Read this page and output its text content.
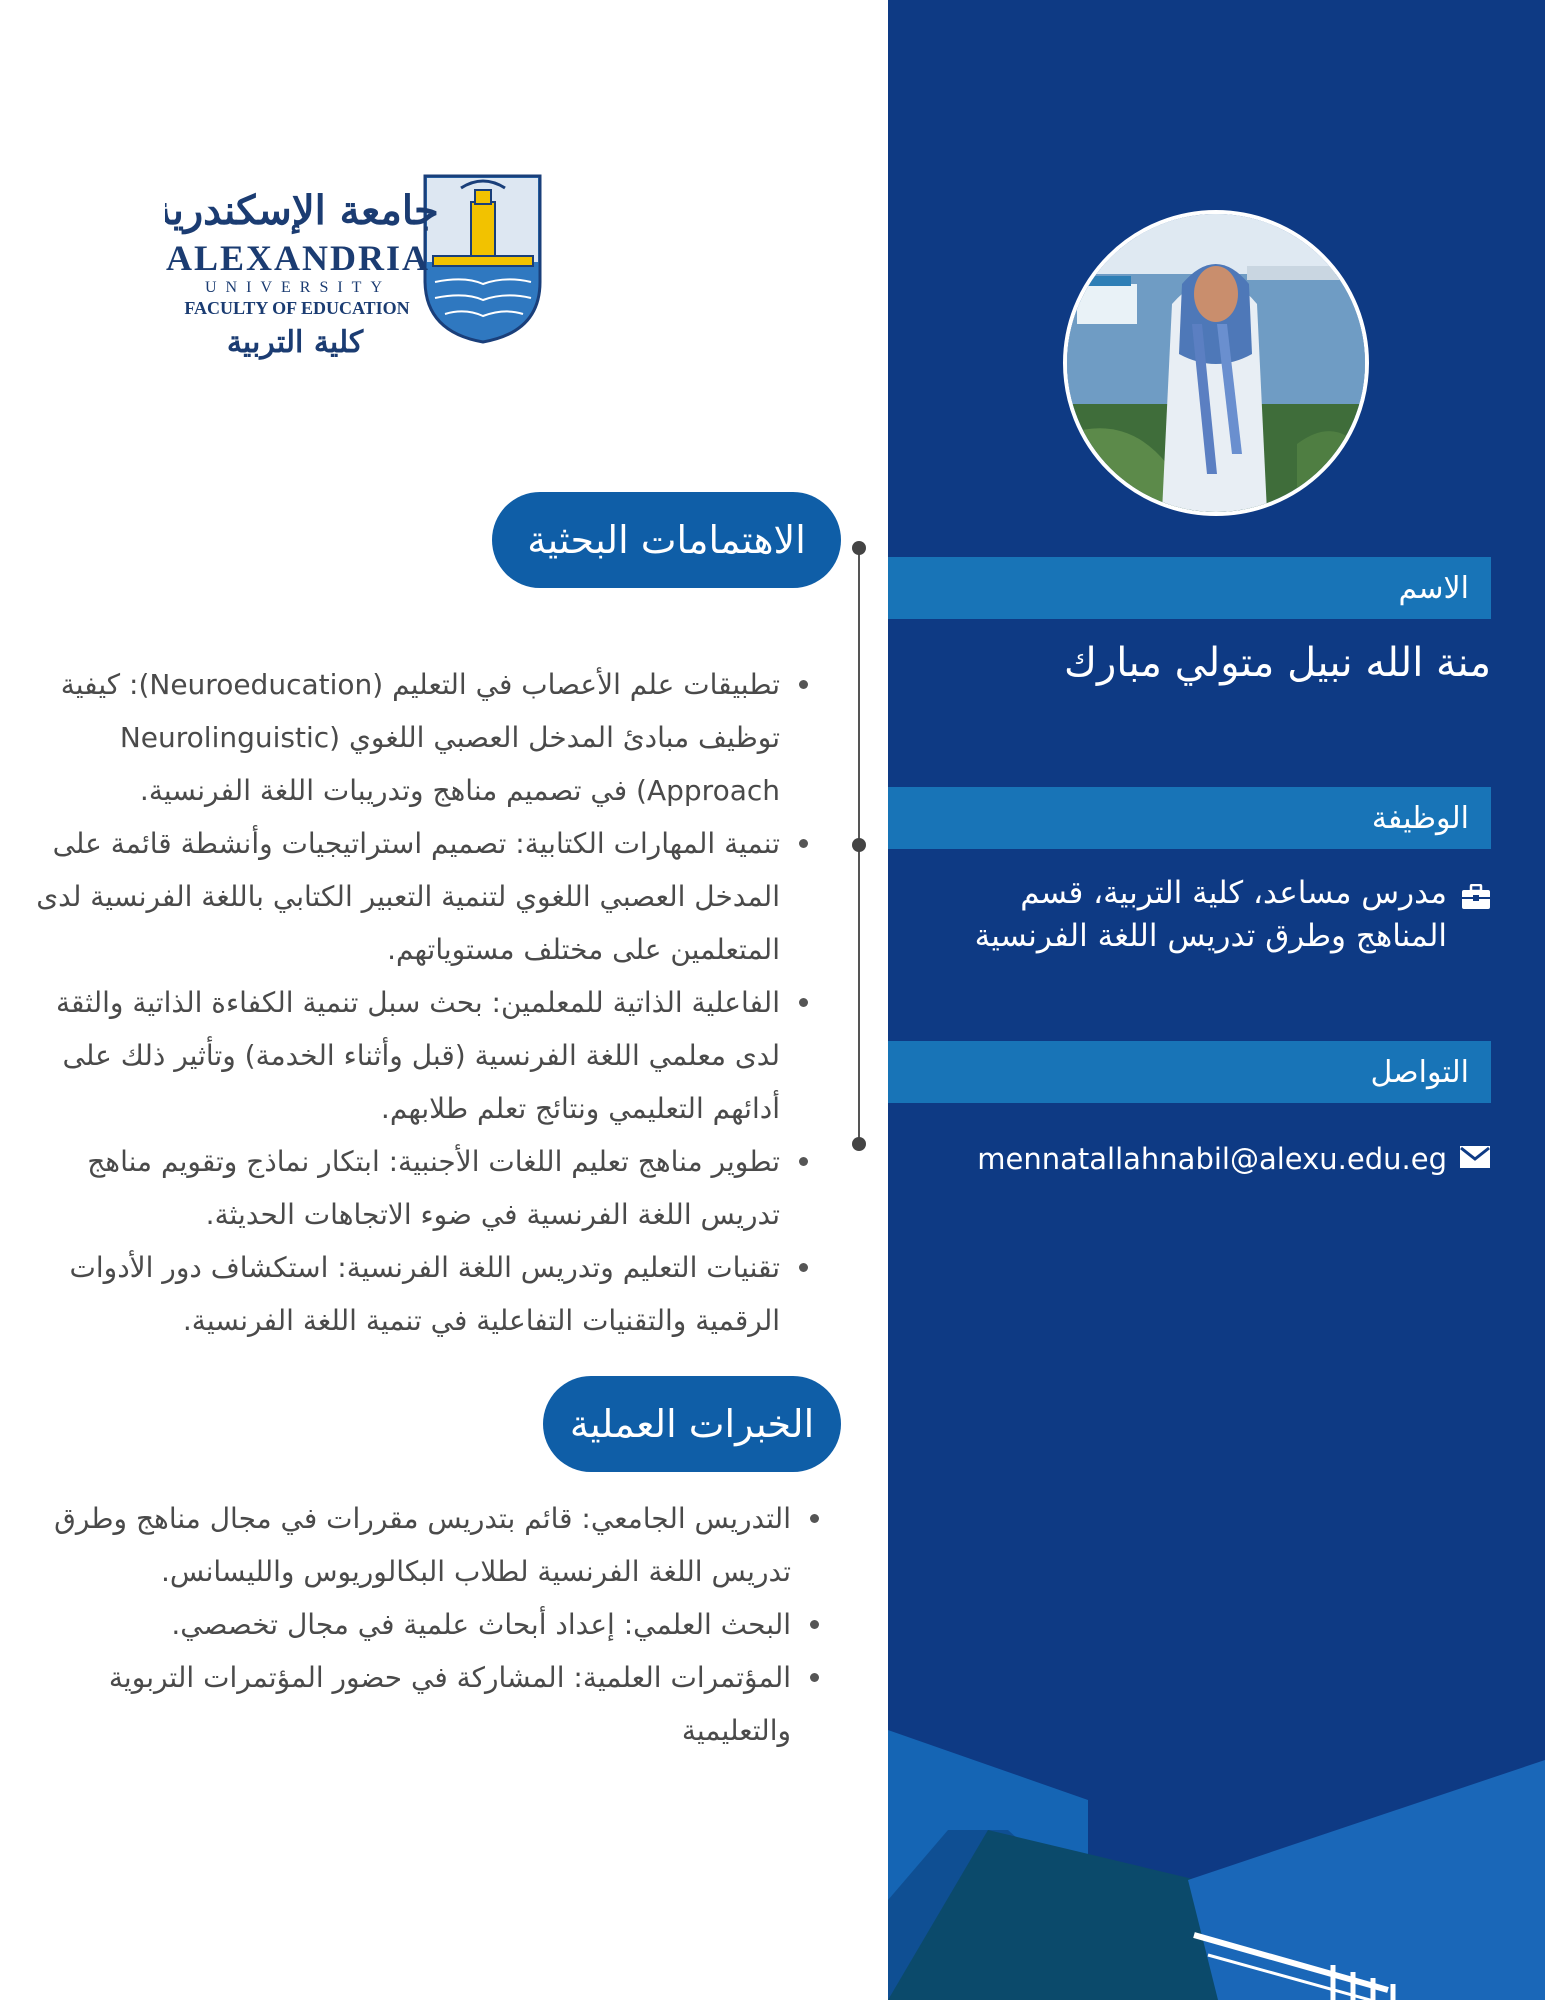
الاسم
منة الله نبيل متولي مبارك
الوظيفة
مدرس مساعد، كلية التربية، قسم المناهج وطرق تدريس اللغة الفرنسية
التواصل
mennatallahnabil@alexu.edu.eg
جامعة الإسكندرية
ALEXANDRIA
UNIVERSITY
FACULTY OF EDUCATION
كلية التربية
الاهتمامات البحثية
تطبيقات علم الأعصاب في التعليم (Neuroeducation): كيفية توظيف مبادئ المدخل العصبي اللغوي (Neurolinguistic Approach) في تصميم مناهج وتدريبات اللغة الفرنسية.
تنمية المهارات الكتابية: تصميم استراتيجيات وأنشطة قائمة على المدخل العصبي اللغوي لتنمية التعبير الكتابي باللغة الفرنسية لدى المتعلمين على مختلف مستوياتهم.
الفاعلية الذاتية للمعلمين: بحث سبل تنمية الكفاءة الذاتية والثقة لدى معلمي اللغة الفرنسية (قبل وأثناء الخدمة) وتأثير ذلك على أدائهم التعليمي ونتائج تعلم طلابهم.
تطوير مناهج تعليم اللغات الأجنبية: ابتكار نماذج وتقويم مناهج تدريس اللغة الفرنسية في ضوء الاتجاهات الحديثة.
تقنيات التعليم وتدريس اللغة الفرنسية: استكشاف دور الأدوات الرقمية والتقنيات التفاعلية في تنمية اللغة الفرنسية.
الخبرات العملية
التدريس الجامعي: قائم بتدريس مقررات في مجال مناهج وطرق تدريس اللغة الفرنسية لطلاب البكالوريوس والليسانس.
البحث العلمي: إعداد أبحاث علمية في مجال تخصصي.
المؤتمرات العلمية: المشاركة في حضور المؤتمرات التربوية والتعليمية
